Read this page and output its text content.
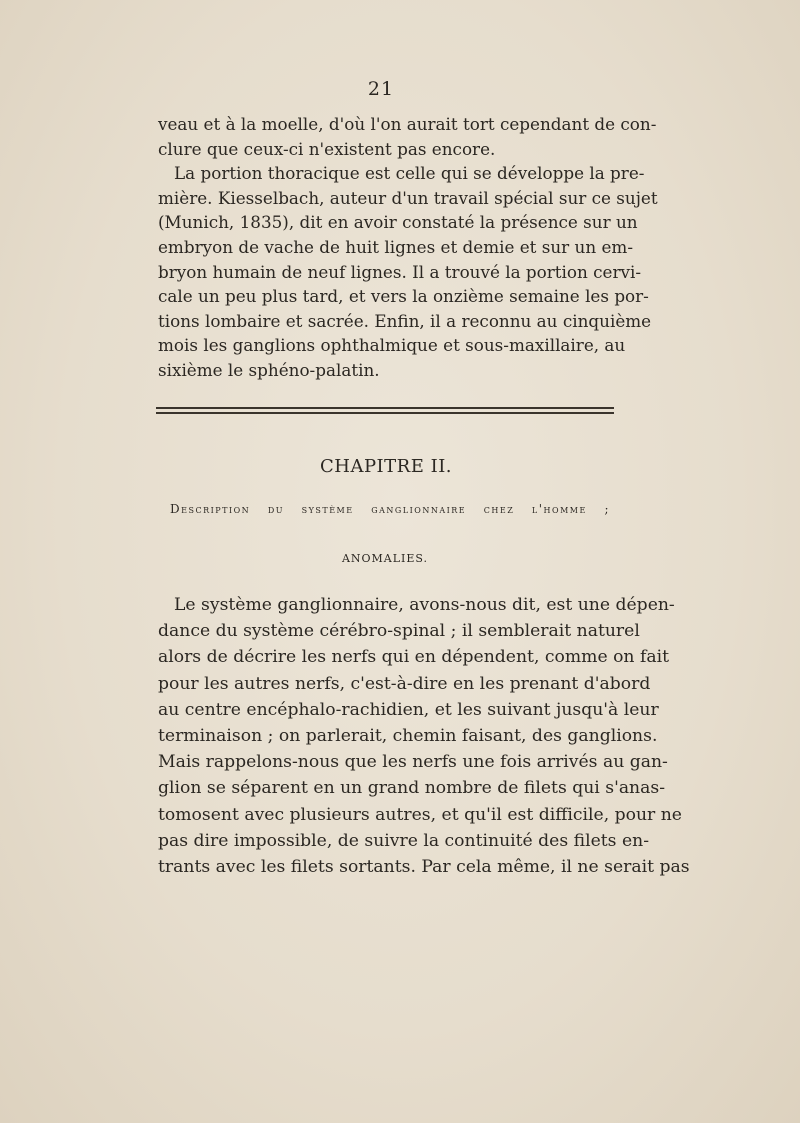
21
veau et à la moelle, d'où l'on aurait tort cependant de con-
clure que ceux-ci n'existent pas encore.
La portion thoracique est celle qui se développe la pre-
mière. Kiesselbach, auteur d'un travail spécial sur ce sujet
(Munich, 1835), dit en avoir constaté la présence sur un
embryon de vache de huit lignes et demie et sur un em-
bryon humain de neuf lignes. Il a trouvé la portion cervi-
cale un peu plus tard, et vers la onzième semaine les por-
tions lombaire et sacrée. Enfin, il a reconnu au cinquième
mois les ganglions ophthalmique et sous-maxillaire, au
sixième le sphéno-palatin.
CHAPITRE II.
Description du système ganglionnaire chez l'homme ;
ANOMALIES.
Le système ganglionnaire, avons-nous dit, est une dépen-
dance du système cérébro-spinal ; il semblerait naturel
alors de décrire les nerfs qui en dépendent, comme on fait
pour les autres nerfs, c'est-à-dire en les prenant d'abord
au centre encéphalo-rachidien, et les suivant jusqu'à leur
terminaison ; on parlerait, chemin faisant, des ganglions.
Mais rappelons-nous que les nerfs une fois arrivés au gan-
glion se séparent en un grand nombre de filets qui s'anas-
tomosent avec plusieurs autres, et qu'il est difficile, pour ne
pas dire impossible, de suivre la continuité des filets en-
trants avec les filets sortants. Par cela même, il ne serait pas
